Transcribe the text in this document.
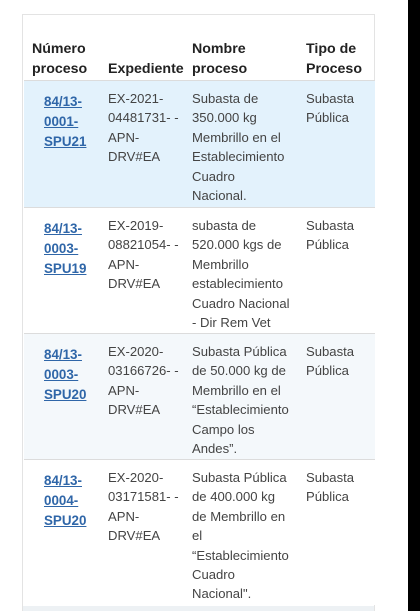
Número
proceso	Expediente
Nombre
proceso
Tipo de
Proceso
84/13-
0001-
SPU21
EX-2021-
04481731- -
APN-
DRV#EA
Subasta de
350.000 kg
Membrillo en el
Establecimiento
Cuadro
Nacional.
Subasta
Pública
84/13-
0003-
SPU19
EX-2019-
08821054- -
APN-
DRV#EA
subasta de
520.000 kgs de
Membrillo
establecimiento
Cuadro Nacional
- Dir Rem Vet
Subasta
Pública
84/13-
0003-
SPU20
EX-2020-
03166726- -
APN-
DRV#EA
Subasta Pública
de 50.000 kg de
Membrillo en el
“Establecimiento
Campo los
Andes”.
Subasta
Pública
84/13-
0004-
SPU20
EX-2020-
03171581- -
APN-
DRV#EA
Subasta Pública
de 400.000 kg
de Membrillo en
el
“Establecimiento
Cuadro
Nacional".
Subasta
Pública
